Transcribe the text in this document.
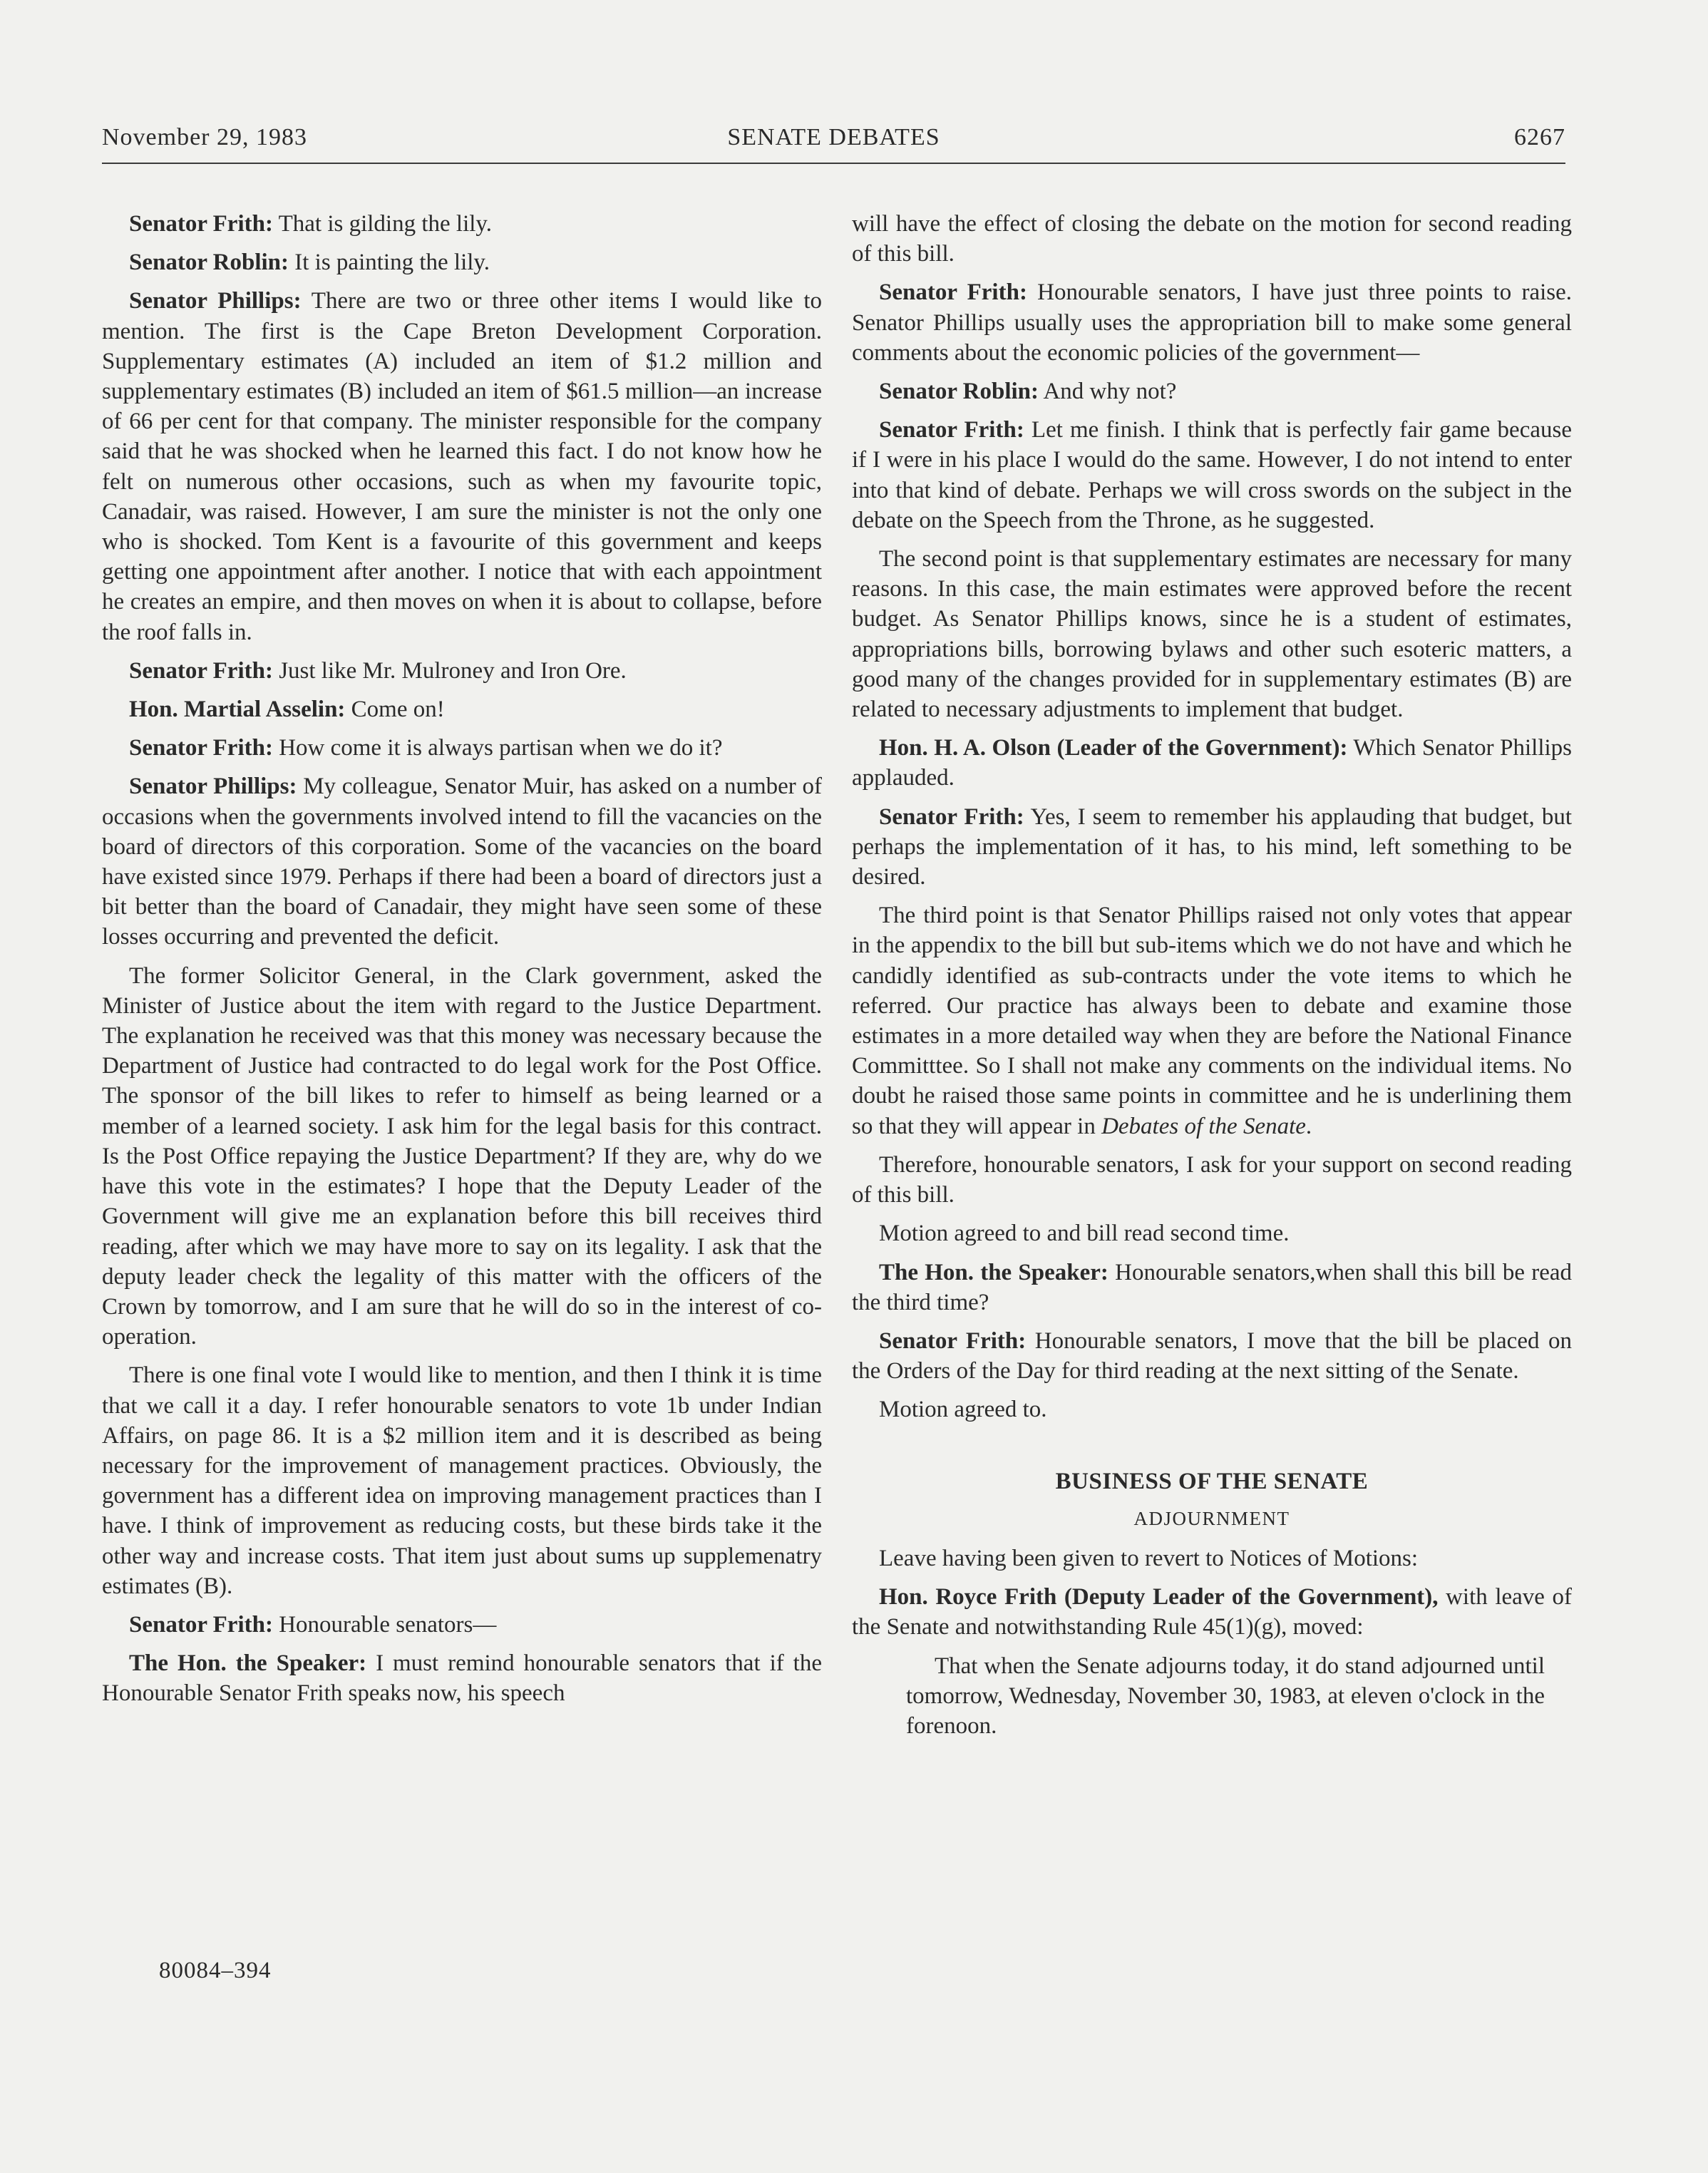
November 29, 1983	SENATE DEBATES	6267

Senator Frith: That is gilding the lily.

Senator Roblin: It is painting the lily.

Senator Phillips: There are two or three other items I would like to mention. The first is the Cape Breton Development Corporation. Supplementary estimates (A) included an item of $1.2 million and supplementary estimates (B) included an item of $61.5 million—an increase of 66 per cent for that company. The minister responsible for the company said that he was shocked when he learned this fact. I do not know how he felt on numerous other occasions, such as when my favourite topic, Canadair, was raised. However, I am sure the minister is not the only one who is shocked. Tom Kent is a favourite of this government and keeps getting one appointment after another. I notice that with each appointment he creates an empire, and then moves on when it is about to collapse, before the roof falls in.

Senator Frith: Just like Mr. Mulroney and Iron Ore.

Hon. Martial Asselin: Come on!

Senator Frith: How come it is always partisan when we do it?

Senator Phillips: My colleague, Senator Muir, has asked on a number of occasions when the governments involved intend to fill the vacancies on the board of directors of this corporation. Some of the vacancies on the board have existed since 1979. Perhaps if there had been a board of directors just a bit better than the board of Canadair, they might have seen some of these losses occurring and prevented the deficit.

The former Solicitor General, in the Clark government, asked the Minister of Justice about the item with regard to the Justice Department. The explanation he received was that this money was necessary because the Department of Justice had contracted to do legal work for the Post Office. The sponsor of the bill likes to refer to himself as being learned or a member of a learned society. I ask him for the legal basis for this contract. Is the Post Office repaying the Justice Department? If they are, why do we have this vote in the estimates? I hope that the Deputy Leader of the Government will give me an explanation before this bill receives third reading, after which we may have more to say on its legality. I ask that the deputy leader check the legality of this matter with the officers of the Crown by tomorrow, and I am sure that he will do so in the interest of co-operation.

There is one final vote I would like to mention, and then I think it is time that we call it a day. I refer honourable senators to vote 1b under Indian Affairs, on page 86. It is a $2 million item and it is described as being necessary for the improvement of management practices. Obviously, the government has a different idea on improving management practices than I have. I think of improvement as reducing costs, but these birds take it the other way and increase costs. That item just about sums up supplemenatry estimates (B).

Senator Frith: Honourable senators—

The Hon. the Speaker: I must remind honourable senators that if the Honourable Senator Frith speaks now, his speech

will have the effect of closing the debate on the motion for second reading of this bill.

Senator Frith: Honourable senators, I have just three points to raise. Senator Phillips usually uses the appropriation bill to make some general comments about the economic policies of the government—

Senator Roblin: And why not?

Senator Frith: Let me finish. I think that is perfectly fair game because if I were in his place I would do the same. However, I do not intend to enter into that kind of debate. Perhaps we will cross swords on the subject in the debate on the Speech from the Throne, as he suggested.

The second point is that supplementary estimates are necessary for many reasons. In this case, the main estimates were approved before the recent budget. As Senator Phillips knows, since he is a student of estimates, appropriations bills, borrowing bylaws and other such esoteric matters, a good many of the changes provided for in supplementary estimates (B) are related to necessary adjustments to implement that budget.

Hon. H. A. Olson (Leader of the Government): Which Senator Phillips applauded.

Senator Frith: Yes, I seem to remember his applauding that budget, but perhaps the implementation of it has, to his mind, left something to be desired.

The third point is that Senator Phillips raised not only votes that appear in the appendix to the bill but sub-items which we do not have and which he candidly identified as sub-contracts under the vote items to which he referred. Our practice has always been to debate and examine those estimates in a more detailed way when they are before the National Finance Committtee. So I shall not make any comments on the individual items. No doubt he raised those same points in committee and he is underlining them so that they will appear in Debates of the Senate.

Therefore, honourable senators, I ask for your support on second reading of this bill.

Motion agreed to and bill read second time.

The Hon. the Speaker: Honourable senators,when shall this bill be read the third time?

Senator Frith: Honourable senators, I move that the bill be placed on the Orders of the Day for third reading at the next sitting of the Senate.

Motion agreed to.

BUSINESS OF THE SENATE
ADJOURNMENT

Leave having been given to revert to Notices of Motions:

Hon. Royce Frith (Deputy Leader of the Government), with leave of the Senate and notwithstanding Rule 45(1)(g), moved:

That when the Senate adjourns today, it do stand adjourned until tomorrow, Wednesday, November 30, 1983, at eleven o'clock in the forenoon.

80084–394
